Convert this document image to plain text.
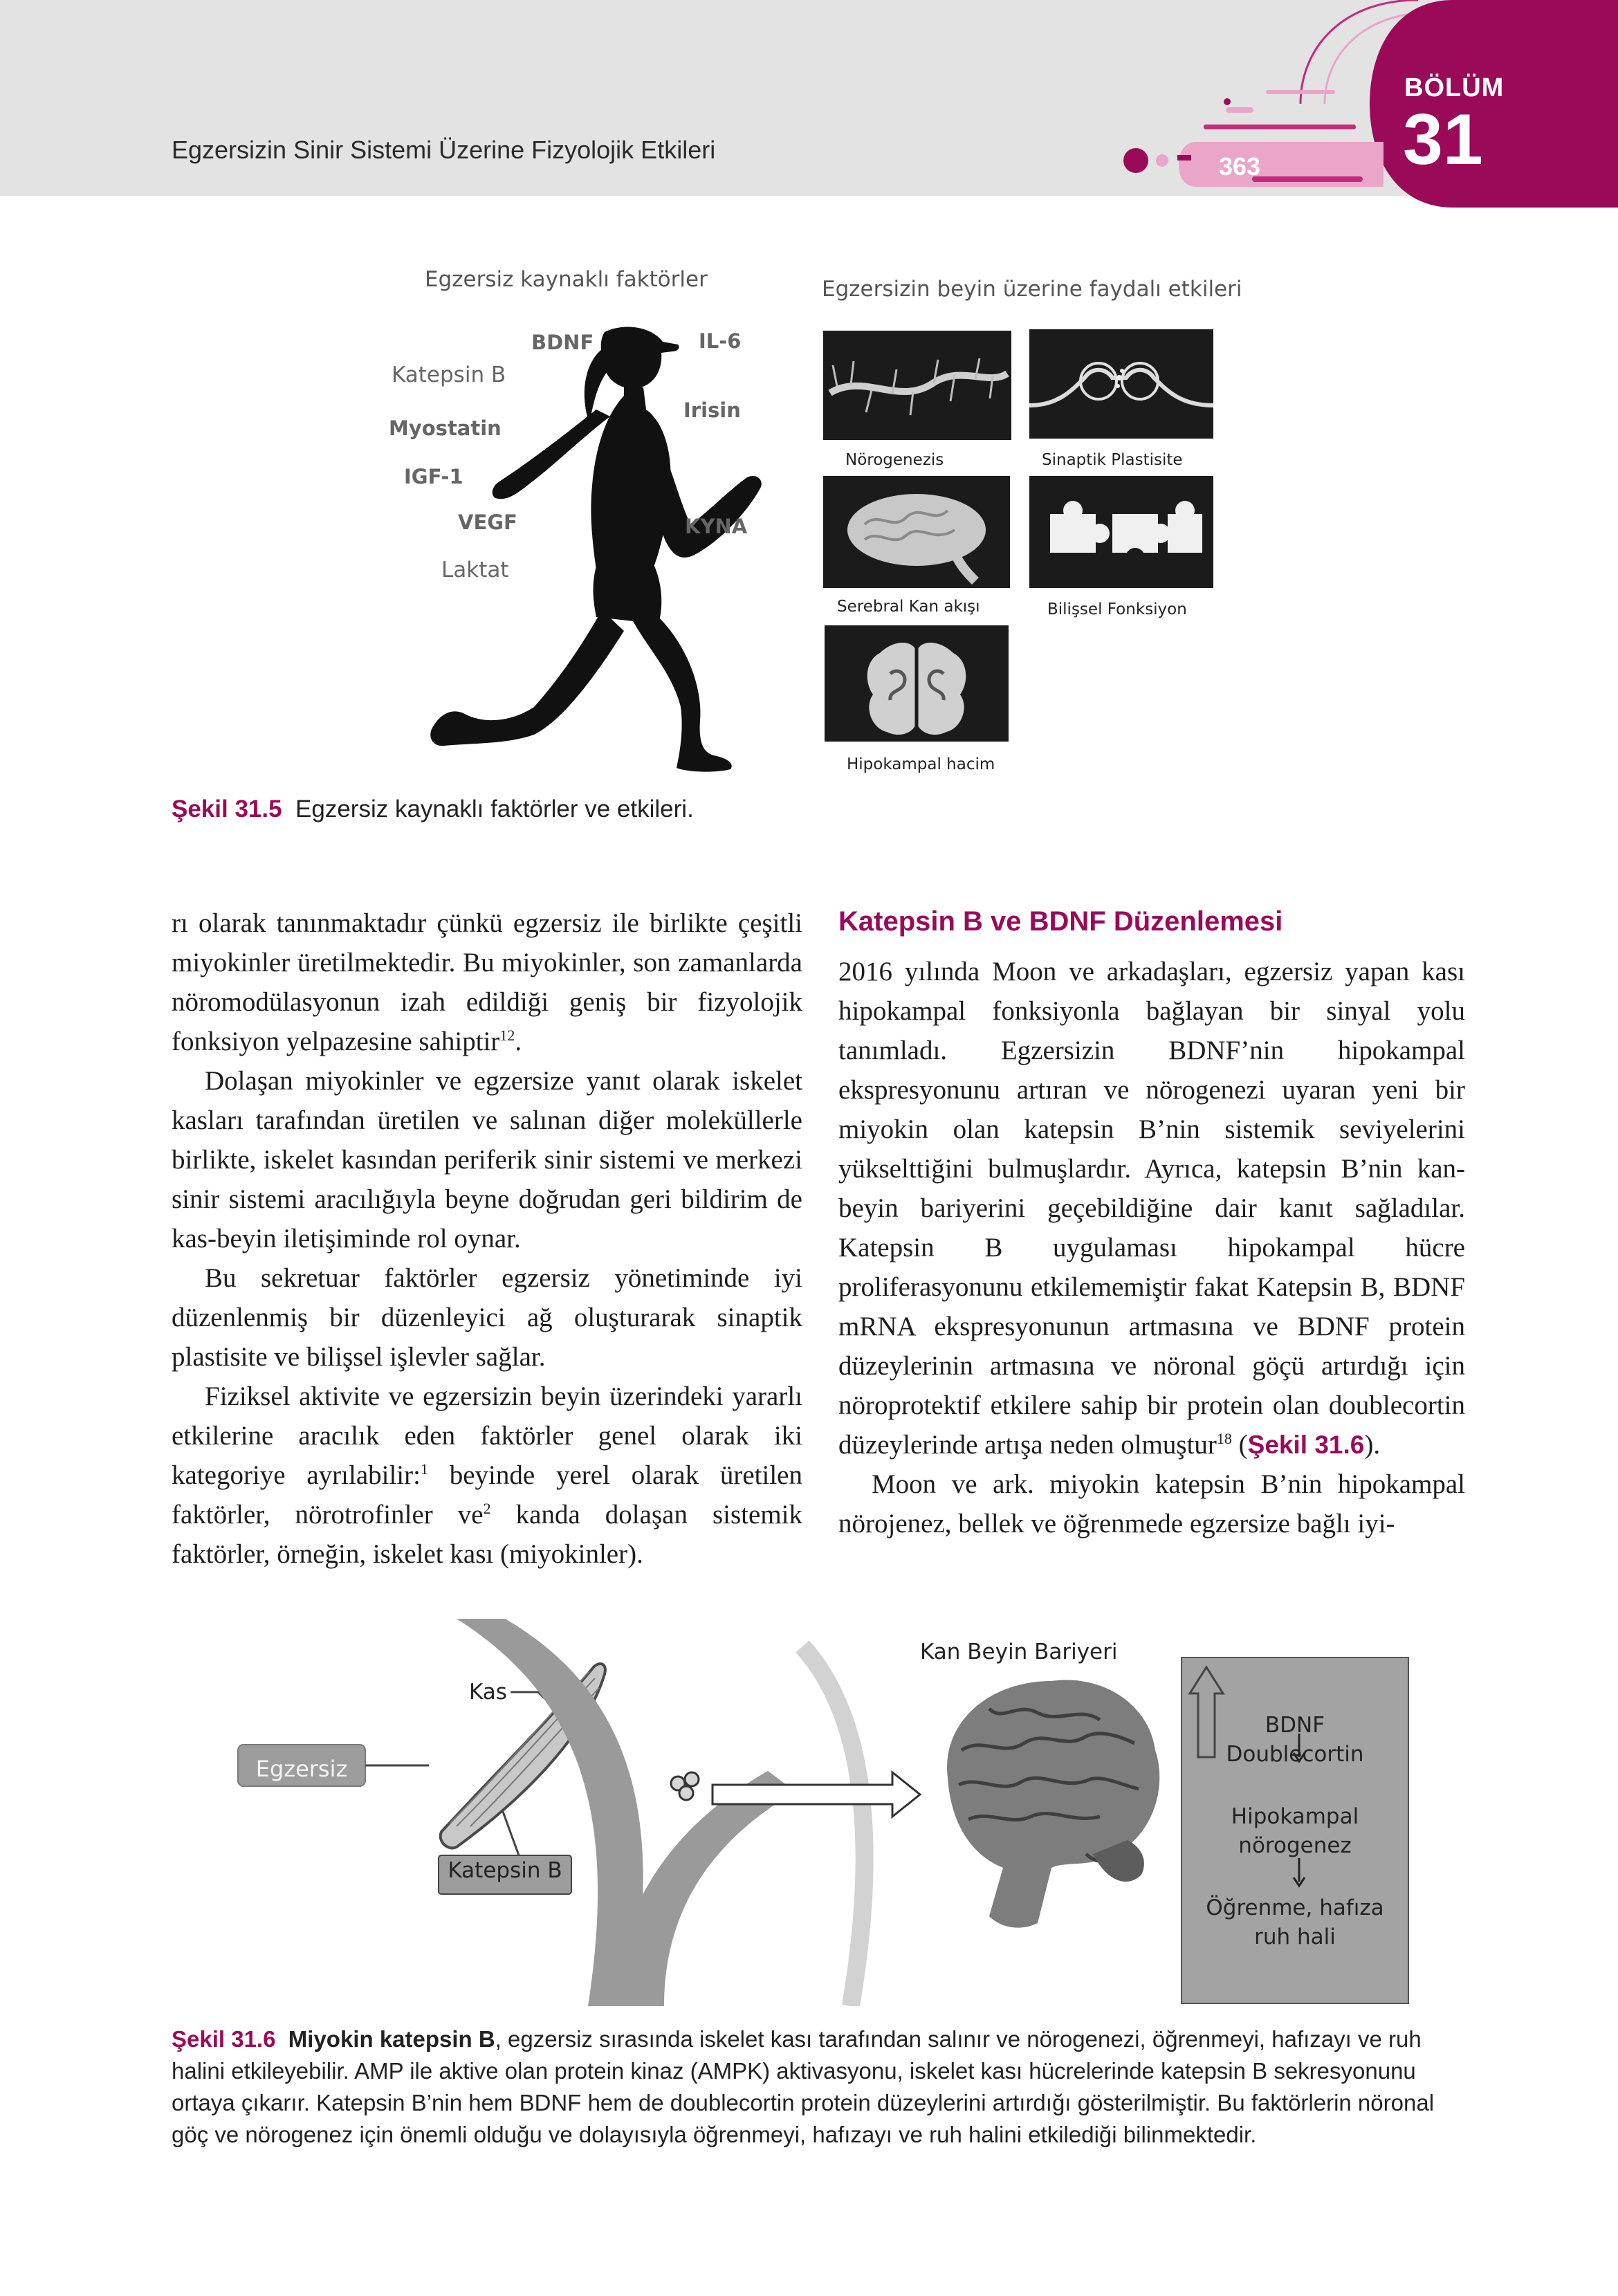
Egzersizin Sinir Sistemi Üzerine Fizyolojik Etkileri
363
BÖLÜM
31
Egzersiz kaynaklı faktörler	Egzersizin beyin üzerine faydalı etkileri
BDNF	IL-6
Katepsin B
Irisin
Myostatin
IGF-1
VEGF	KYNA
Laktat
Nörogenezis	Sinaptik Plastisite
Serebral Kan akışı	Bilişsel Fonksiyon
Hipokampal hacim
Şekil 31.5 Egzersiz kaynaklı faktörler ve etkileri.

rı olarak tanınmaktadır çünkü egzersiz ile birlikte çeşitli miyokinler üretilmektedir. Bu miyokinler, son zamanlarda nöromodülasyonun izah edildiği geniş bir fizyolojik fonksiyon yelpazesine sahiptir$^{12}$.

Dolaşan miyokinler ve egzersize yanıt olarak iskelet kasları tarafından üretilen ve salınan diğer moleküllerle birlikte, iskelet kasından periferik sinir sistemi ve merkezi sinir sistemi aracılığıyla beyne doğrudan geri bildirim de kas-beyin iletişiminde rol oynar.

Bu sekretuar faktörler egzersiz yönetiminde iyi düzenlenmiş bir düzenleyici ağ oluşturarak sinaptik plastisite ve bilişsel işlevler sağlar.

Fiziksel aktivite ve egzersizin beyin üzerindeki yararlı etkilerine aracılık eden faktörler genel olarak iki kategoriye ayrılabilir:$^1$ beyinde yerel olarak üretilen faktörler, nörotrofinler $ve^2$ kanda dolaşan sistemik faktörler, örneğin, iskelet kası (miyokinler).

Katepsin B ve BDNF Düzenlemesi

2016 yılında Moon ve arkadaşları, egzersiz yapan kası hipokampal fonksiyonla bağlayan bir sinyal yolu tanımladı. Egzersizin BDNF’nin hipokampal ekspresyonunu artıran ve nörogenezi uyaran yeni bir miyokin olan katepsin B’nin sistemik seviyelerini yükselttiğini bulmuşlardır. Ayrıca, katepsin B’nin kan-beyin bariyerini geçebildiğine dair kanıt sağladılar. Katepsin B uygulaması hipokampal hücre proliferasyonunu etkilememiştir fakat Katepsin B, BDNF mRNA ekspresyonunun artmasına ve BDNF protein düzeylerinin artmasına ve nöronal göçü artırdığı için nöroprotektif etkilere sahip bir protein olan doublecortin düzeylerinde artışa neden olmuştur$^{18}$ (Şekil 31.6).

Moon ve ark. miyokin katepsin B’nin hipokampal nörojenez, bellek ve öğrenmede egzersize bağlı iyi-

Kan Beyin Bariyeri
Kas
Egzersiz
Katepsin B
BDNF
Doublecortin
Hipokampal
nörogenez
Öğrenme, hafıza
ruh hali
Şekil 31.6 Miyokin katepsin B, egzersiz sırasında iskelet kası tarafından salınır ve nörogenezi, öğrenmeyi, hafızayı ve ruh halini etkileyebilir. AMP ile aktive olan protein kinaz (AMPK) aktivasyonu, iskelet kası hücrelerinde katepsin B sekresyonunu ortaya çıkarır. Katepsin B’nin hem BDNF hem de doublecortin protein düzeylerini artırdığı gösterilmiştir. Bu faktörlerin nöronal göç ve nörogenez için önemli olduğu ve dolayısıyla öğrenmeyi, hafızayı ve ruh halini etkilediği bilinmektedir.
